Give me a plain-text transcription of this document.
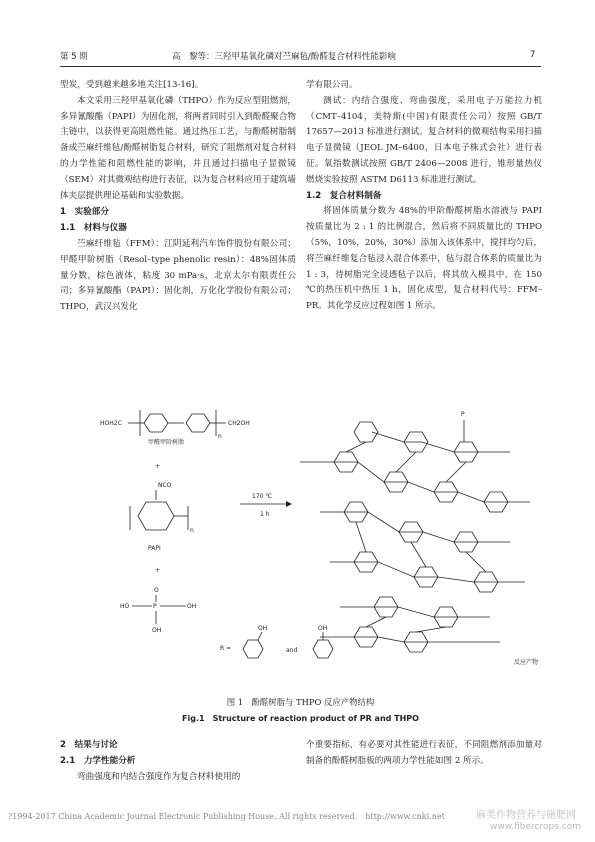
第 5 期	高　黎等：三羟甲基氧化磷对苎麻毡/酚醛复合材料性能影响	7

型炭，受到越来越多地关注[13-16]。

本文采用三羟甲基氧化磷（THPO）作为反应型阻燃剂，多异氰酸酯（PAPI）为固化剂，将两者同时引入到酚醛聚合物主链中，以获得更高阻燃性能。通过热压工艺，与酚醛树脂制备成苎麻纤维毡/酚醛树脂复合材料，研究了阻燃剂对复合材料的力学性能和阻燃性能的影响，并且通过扫描电子显微镜（SEM）对其微观结构进行表征，以为复合材料应用于建筑墙体夹层提供理论基础和实验数据。

1　实验部分

1.1　材料与仪器

苎麻纤维毡（FFM）：江阴延利汽车饰件股份有限公司；甲醛甲阶树脂（Resol–type phenolic resin）：48%固体质量分数，棕色液体，粘度 30 mPa·s，北京太尔有限责任公司；多异氰酸酯（PAPI）：固化剂，万化化学股份有限公司；THPO，武汉兴发化

学有限公司。

测试：内结合强度、弯曲强度，采用电子万能拉力机（CMT–4104，美特斯(中国)有限责任公司）按照 GB/T 17657—2013 标准进行测试。复合材料的微观结构采用扫描电子显微镜（JEOL JM–6400，日本电子株式会社）进行表征。氧指数测试按照 GB/T 2406—2008 进行，锥形量热仪燃烧实验按照 ASTM D6113 标准进行测试。

1.2　复合材料制备

将固体质量分数为 48%的甲阶酚醛树脂水溶液与 PAPI 按质量比为 2 : 1 的比例混合，然后将不同质量比的 THPO（5%，10%，20%，30%）添加入该体系中，搅拌均匀后，将苎麻纤维复合毡浸入混合体系中，毡与混合体系的质量比为 1 : 3，待树脂完全浸透毡子以后，将其放入模具中，在 150 ℃的热压机中热压 1 h，固化成型，复合材料代号：FFM–PR。其化学反应过程如图 1 所示。

HOH2C	CH2OH
n
甲醛甲阶树脂
+
NCO
n
PAPI
+
O
HO	P	OH
OH
170 ℃
1 h
R =
OH
and
OH
P
反应产物
图 1　酚醛树脂与 THPO 反应产物结构
Fig.1　Structure of reaction product of PR and THPO

2　结果与讨论

2.1　力学性能分析

弯曲强度和内结合强度作为复合材料使用的

个重要指标，有必要对其性能进行表征，不同阻燃剂添加量对制备的酚醛树脂板的两项力学性能如图 2 所示。

?1994-2017 China Academic Journal Electronic Publishing House. All rights reserved.　http://www.cnki.net	麻类作物营养与施肥网
www.fibercrops.com
